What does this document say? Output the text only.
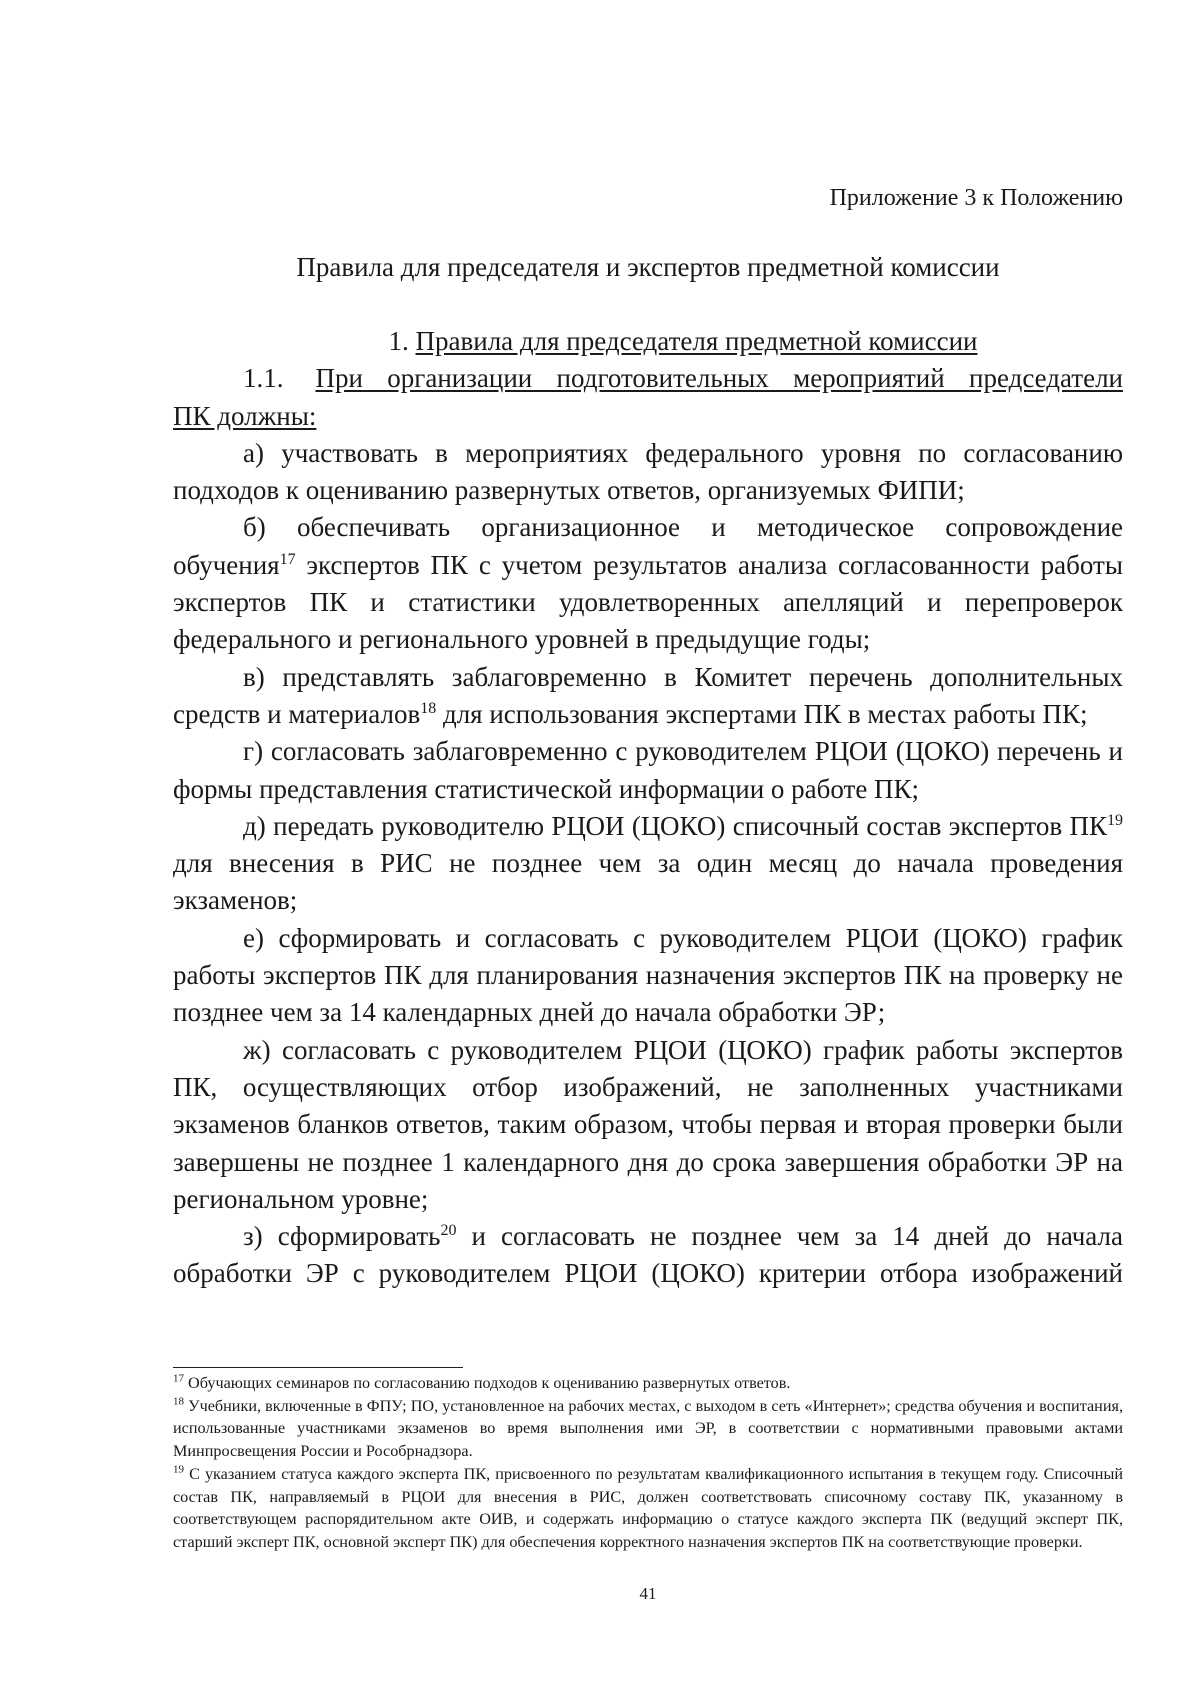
Приложение 3 к Положению
Правила для председателя и экспертов предметной комиссии

1. Правила для председателя предметной комиссии

1.1. При организации подготовительных мероприятий председатели

ПК должны:

а) участвовать в мероприятиях федерального уровня по согласованию подходов к оцениванию развернутых ответов, организуемых ФИПИ;

б) обеспечивать организационное и методическое сопровождение обучения$^{17}$ экспертов ПК с учетом результатов анализа согласованности работы экспертов ПК и статистики удовлетворенных апелляций и перепроверок федерального и регионального уровней в предыдущие годы;

в) представлять заблаговременно в Комитет перечень дополнительных средств и материалов$^{18}$ для использования экспертами ПК в местах работы ПК;

г) согласовать заблаговременно с руководителем РЦОИ (ЦОКО) перечень и формы представления статистической информации о работе ПК;

д) передать руководителю РЦОИ (ЦОКО) списочный состав экспертов ПК$^{19}$ для внесения в РИС не позднее чем за один месяц до начала проведения экзаменов;

е) сформировать и согласовать с руководителем РЦОИ (ЦОКО) график работы экспертов ПК для планирования назначения экспертов ПК на проверку не позднее чем за 14 календарных дней до начала обработки ЭР;

ж) согласовать с руководителем РЦОИ (ЦОКО) график работы экспертов ПК, осуществляющих отбор изображений, не заполненных участниками экзаменов бланков ответов, таким образом, чтобы первая и вторая проверки были завершены не позднее 1 календарного дня до срока завершения обработки ЭР на региональном уровне;

з) сформировать$^{20}$ и согласовать не позднее чем за 14 дней до начала обработки ЭР с руководителем РЦОИ (ЦОКО) критерии отбора изображений

$^{17}$ Обучающих семинаров по согласованию подходов к оцениванию развернутых ответов.

$^{18}$ Учебники, включенные в ФПУ; ПО, установленное на рабочих местах, с выходом в сеть «Интернет»; средства обучения и воспитания, использованные участниками экзаменов во время выполнения ими ЭР, в соответствии с нормативными правовыми актами Минпросвещения России и Рособрнадзора.

$^{19}$ С указанием статуса каждого эксперта ПК, присвоенного по результатам квалификационного испытания в текущем году. Списочный состав ПК, направляемый в РЦОИ для внесения в РИС, должен соответствовать списочному составу ПК, указанному в соответствующем распорядительном акте ОИВ, и содержать информацию о статусе каждого эксперта ПК (ведущий эксперт ПК, старший эксперт ПК, основной эксперт ПК) для обеспечения корректного назначения экспертов ПК на соответствующие проверки.

41
